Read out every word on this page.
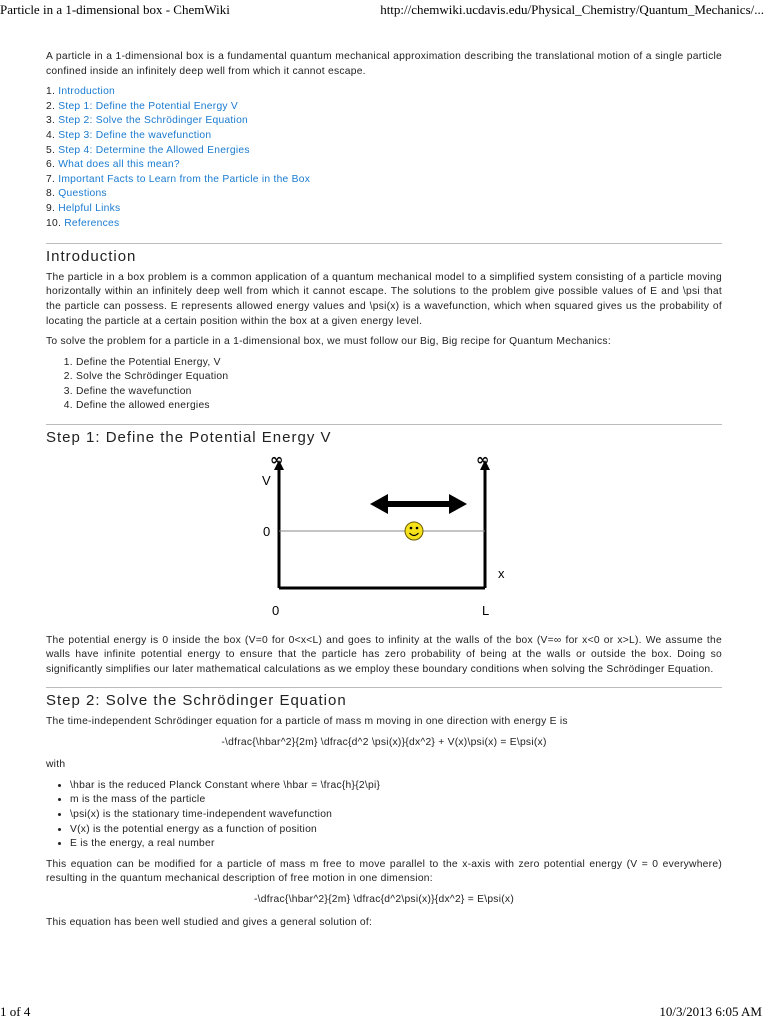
Particle in a 1-dimensional box - ChemWiki	http://chemwiki.ucdavis.edu/Physical_Chemistry/Quantum_Mechanics/...

A particle in a 1-dimensional box is a fundamental quantum mechanical approximation describing the translational motion of a single particle confined inside an infinitely deep well from which it cannot escape.

1. Introduction
2. Step 1: Define the Potential Energy V
3. Step 2: Solve the Schrödinger Equation
4. Step 3: Define the wavefunction
5. Step 4: Determine the Allowed Energies
6. What does all this mean?
7. Important Facts to Learn from the Particle in the Box
8. Questions
9. Helpful Links
10. References
Introduction

The particle in a box problem is a common application of a quantum mechanical model to a simplified system consisting of a particle moving horizontally within an infinitely deep well from which it cannot escape. The solutions to the problem give possible values of E and \psi that the particle can possess. E represents allowed energy values and \psi(x) is a wavefunction, which when squared gives us the probability of locating the particle at a certain position within the box at a given energy level.

To solve the problem for a particle in a 1-dimensional box, we must follow our Big, Big recipe for Quantum Mechanics:

1. Define the Potential Energy, V
2. Solve the Schrödinger Equation
3. Define the wavefunction
4. Define the allowed energies
Step 1: Define the Potential Energy V
∞	∞
V
0
x
0	L

The potential energy is 0 inside the box (V=0 for 0<x<L) and goes to infinity at the walls of the box (V=∞ for x<0 or x>L). We assume the walls have infinite potential energy to ensure that the particle has zero probability of being at the walls or outside the box. Doing so significantly simplifies our later mathematical calculations as we employ these boundary conditions when solving the Schrödinger Equation.

Step 2: Solve the Schrödinger Equation

The time-independent Schrödinger equation for a particle of mass m moving in one direction with energy E is

-\dfrac{\hbar^2}{2m} \dfrac{d^2 \psi(x)}{dx^2} + V(x)\psi(x) = E\psi(x)

with

• \hbar is the reduced Planck Constant where \hbar = \frac{h}{2\pi}
• m is the mass of the particle
• \psi(x) is the stationary time-independent wavefunction
• V(x) is the potential energy as a function of position
• E is the energy, a real number

This equation can be modified for a particle of mass m free to move parallel to the x-axis with zero potential energy (V = 0 everywhere) resulting in the quantum mechanical description of free motion in one dimension:

-\dfrac{\hbar^2}{2m} \dfrac{d^2\psi(x)}{dx^2} = E\psi(x)

This equation has been well studied and gives a general solution of:

1 of 4	10/3/2013 6:05 AM
